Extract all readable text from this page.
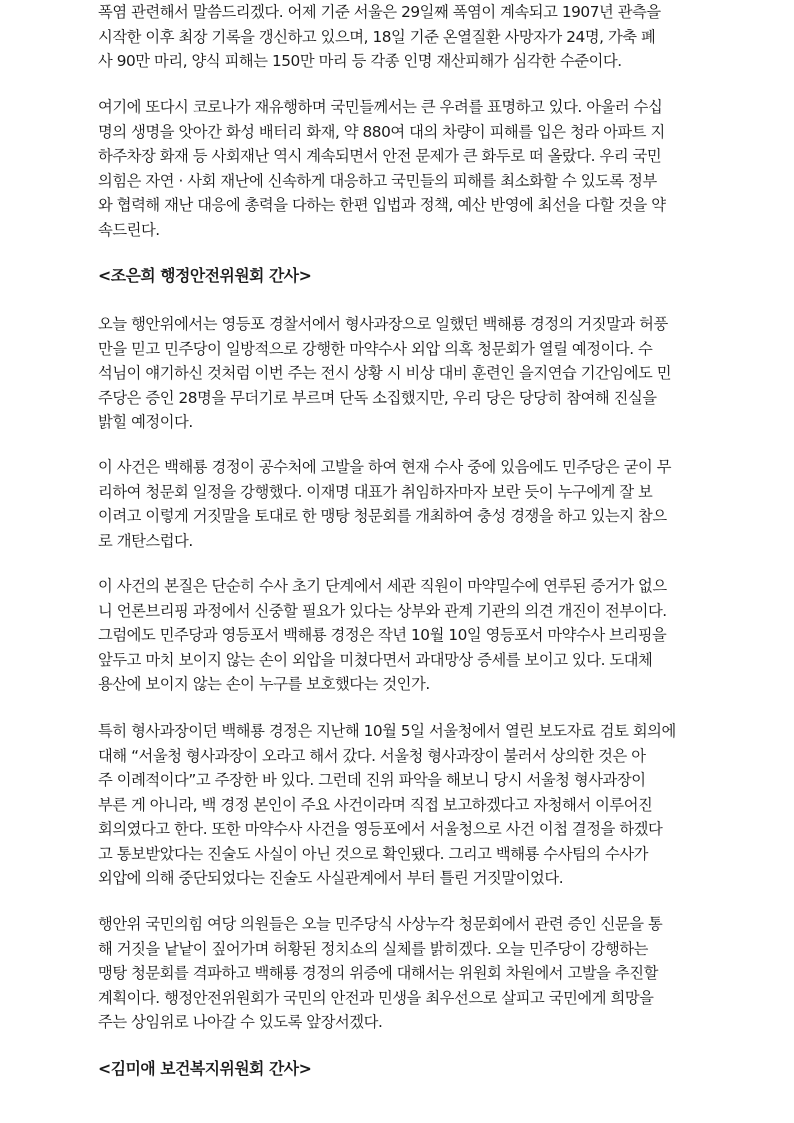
폭염 관련해서 말씀드리겠다. 어제 기준 서울은 29일째 폭염이 계속되고 1907년 관측을
시작한 이후 최장 기록을 갱신하고 있으며, 18일 기준 온열질환 사망자가 24명, 가축 폐
사 90만 마리, 양식 피해는 150만 마리 등 각종 인명 재산피해가 심각한 수준이다.
여기에 또다시 코로나가 재유행하며 국민들께서는 큰 우려를 표명하고 있다. 아울러 수십
명의 생명을 앗아간 화성 배터리 화재, 약 880여 대의 차량이 피해를 입은 청라 아파트 지
하주차장 화재 등 사회재난 역시 계속되면서 안전 문제가 큰 화두로 떠 올랐다. 우리 국민
의힘은 자연 · 사회 재난에 신속하게 대응하고 국민들의 피해를 최소화할 수 있도록 정부
와 협력해 재난 대응에 총력을 다하는 한편 입법과 정책, 예산 반영에 최선을 다할 것을 약
속드린다.
<조은희 행정안전위원회 간사>
오늘 행안위에서는 영등포 경찰서에서 형사과장으로 일했던 백해룡 경정의 거짓말과 허풍
만을 믿고 민주당이 일방적으로 강행한 마약수사 외압 의혹 청문회가 열릴 예정이다. 수
석님이 얘기하신 것처럼 이번 주는 전시 상황 시 비상 대비 훈련인 을지연습 기간임에도 민
주당은 증인 28명을 무더기로 부르며 단독 소집했지만, 우리 당은 당당히 참여해 진실을
밝힐 예정이다.
이 사건은 백해룡 경정이 공수처에 고발을 하여 현재 수사 중에 있음에도 민주당은 굳이 무
리하여 청문회 일정을 강행했다. 이재명 대표가 취임하자마자 보란 듯이 누구에게 잘 보
이려고 이렇게 거짓말을 토대로 한 맹탕 청문회를 개최하여 충성 경쟁을 하고 있는지 참으
로 개탄스럽다.
이 사건의 본질은 단순히 수사 초기 단계에서 세관 직원이 마약밀수에 연루된 증거가 없으
니 언론브리핑 과정에서 신중할 필요가 있다는 상부와 관계 기관의 의견 개진이 전부이다.
그럼에도 민주당과 영등포서 백해룡 경정은 작년 10월 10일 영등포서 마약수사 브리핑을
앞두고 마치 보이지 않는 손이 외압을 미쳤다면서 과대망상 증세를 보이고 있다. 도대체
용산에 보이지 않는 손이 누구를 보호했다는 것인가.
특히 형사과장이던 백해룡 경정은 지난해 10월 5일 서울청에서 열린 보도자료 검토 회의에
대해 “서울청 형사과장이 오라고 해서 갔다. 서울청 형사과장이 불러서 상의한 것은 아
주 이례적이다”고 주장한 바 있다. 그런데 진위 파악을 해보니 당시 서울청 형사과장이
부른 게 아니라, 백 경정 본인이 주요 사건이라며 직접 보고하겠다고 자청해서 이루어진
회의였다고 한다. 또한 마약수사 사건을 영등포에서 서울청으로 사건 이첩 결정을 하겠다
고 통보받았다는 진술도 사실이 아닌 것으로 확인됐다. 그리고 백해룡 수사팀의 수사가
외압에 의해 중단되었다는 진술도 사실관계에서 부터 틀린 거짓말이었다.
행안위 국민의힘 여당 의원들은 오늘 민주당식 사상누각 청문회에서 관련 증인 신문을 통
해 거짓을 낱낱이 짚어가며 허황된 정치쇼의 실체를 밝히겠다. 오늘 민주당이 강행하는
맹탕 청문회를 격파하고 백해룡 경정의 위증에 대해서는 위원회 차원에서 고발을 추진할
계획이다. 행정안전위원회가 국민의 안전과 민생을 최우선으로 살피고 국민에게 희망을
주는 상임위로 나아갈 수 있도록 앞장서겠다.
<김미애 보건복지위원회 간사>
